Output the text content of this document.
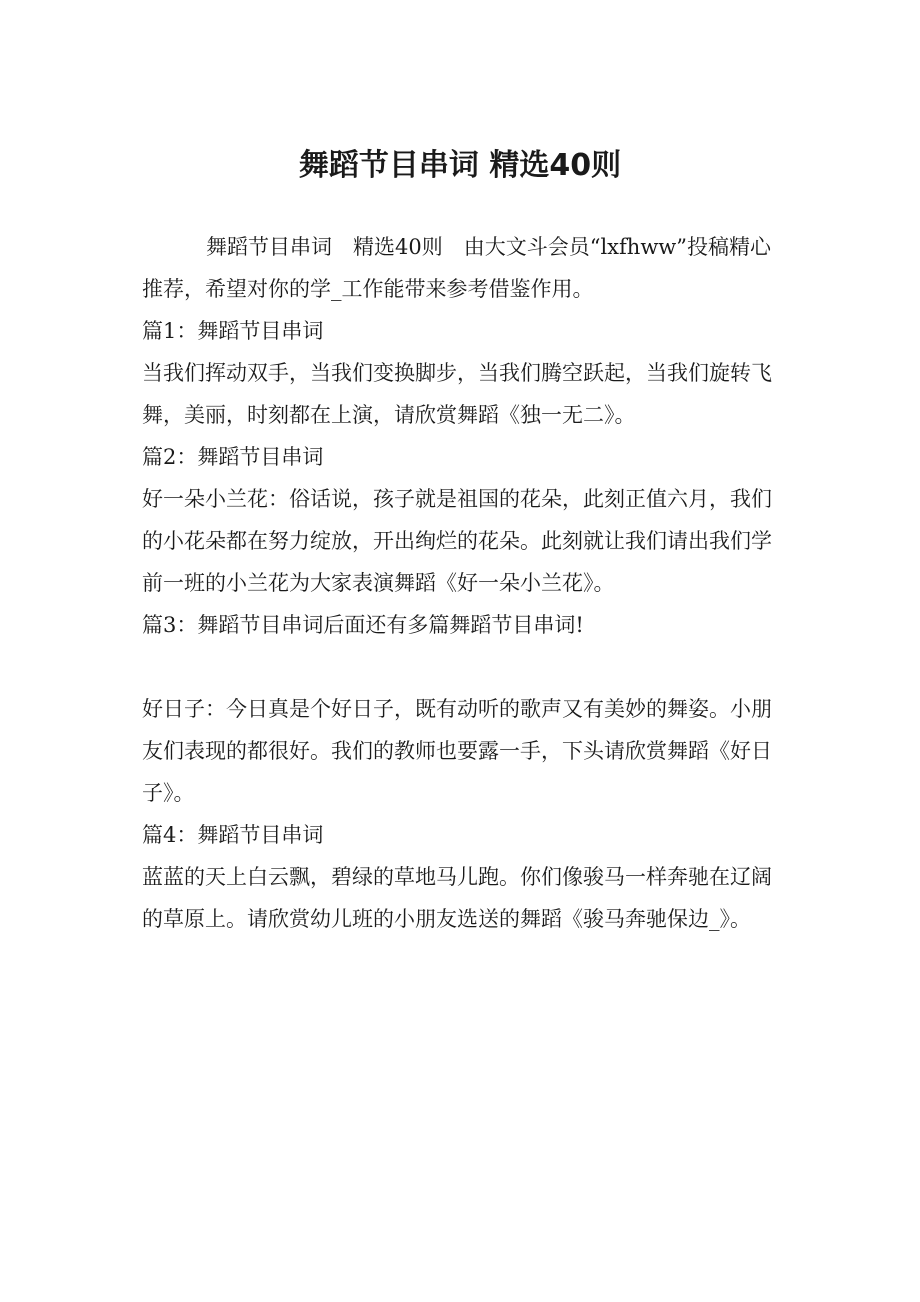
舞蹈节目串词 精选40则

舞蹈节目串词　精选40则　由大文斗会员“lxfhww”投稿精心推荐，希望对你的学_工作能带来参考借鉴作用。

篇1：舞蹈节目串词

当我们挥动双手，当我们变换脚步，当我们腾空跃起，当我们旋转飞舞，美丽，时刻都在上演，请欣赏舞蹈《独一无二》。

篇2：舞蹈节目串词

好一朵小兰花：俗话说，孩子就是祖国的花朵，此刻正值六月，我们的小花朵都在努力绽放，开出绚烂的花朵。此刻就让我们请出我们学前一班的小兰花为大家表演舞蹈《好一朵小兰花》。

篇3：舞蹈节目串词后面还有多篇舞蹈节目串词!

好日子：今日真是个好日子，既有动听的歌声又有美妙的舞姿。小朋友们表现的都很好。我们的教师也要露一手，下头请欣赏舞蹈《好日子》。

篇4：舞蹈节目串词

蓝蓝的天上白云飘，碧绿的草地马儿跑。你们像骏马一样奔驰在辽阔的草原上。请欣赏幼儿班的小朋友选送的舞蹈《骏马奔驰保边_》。
